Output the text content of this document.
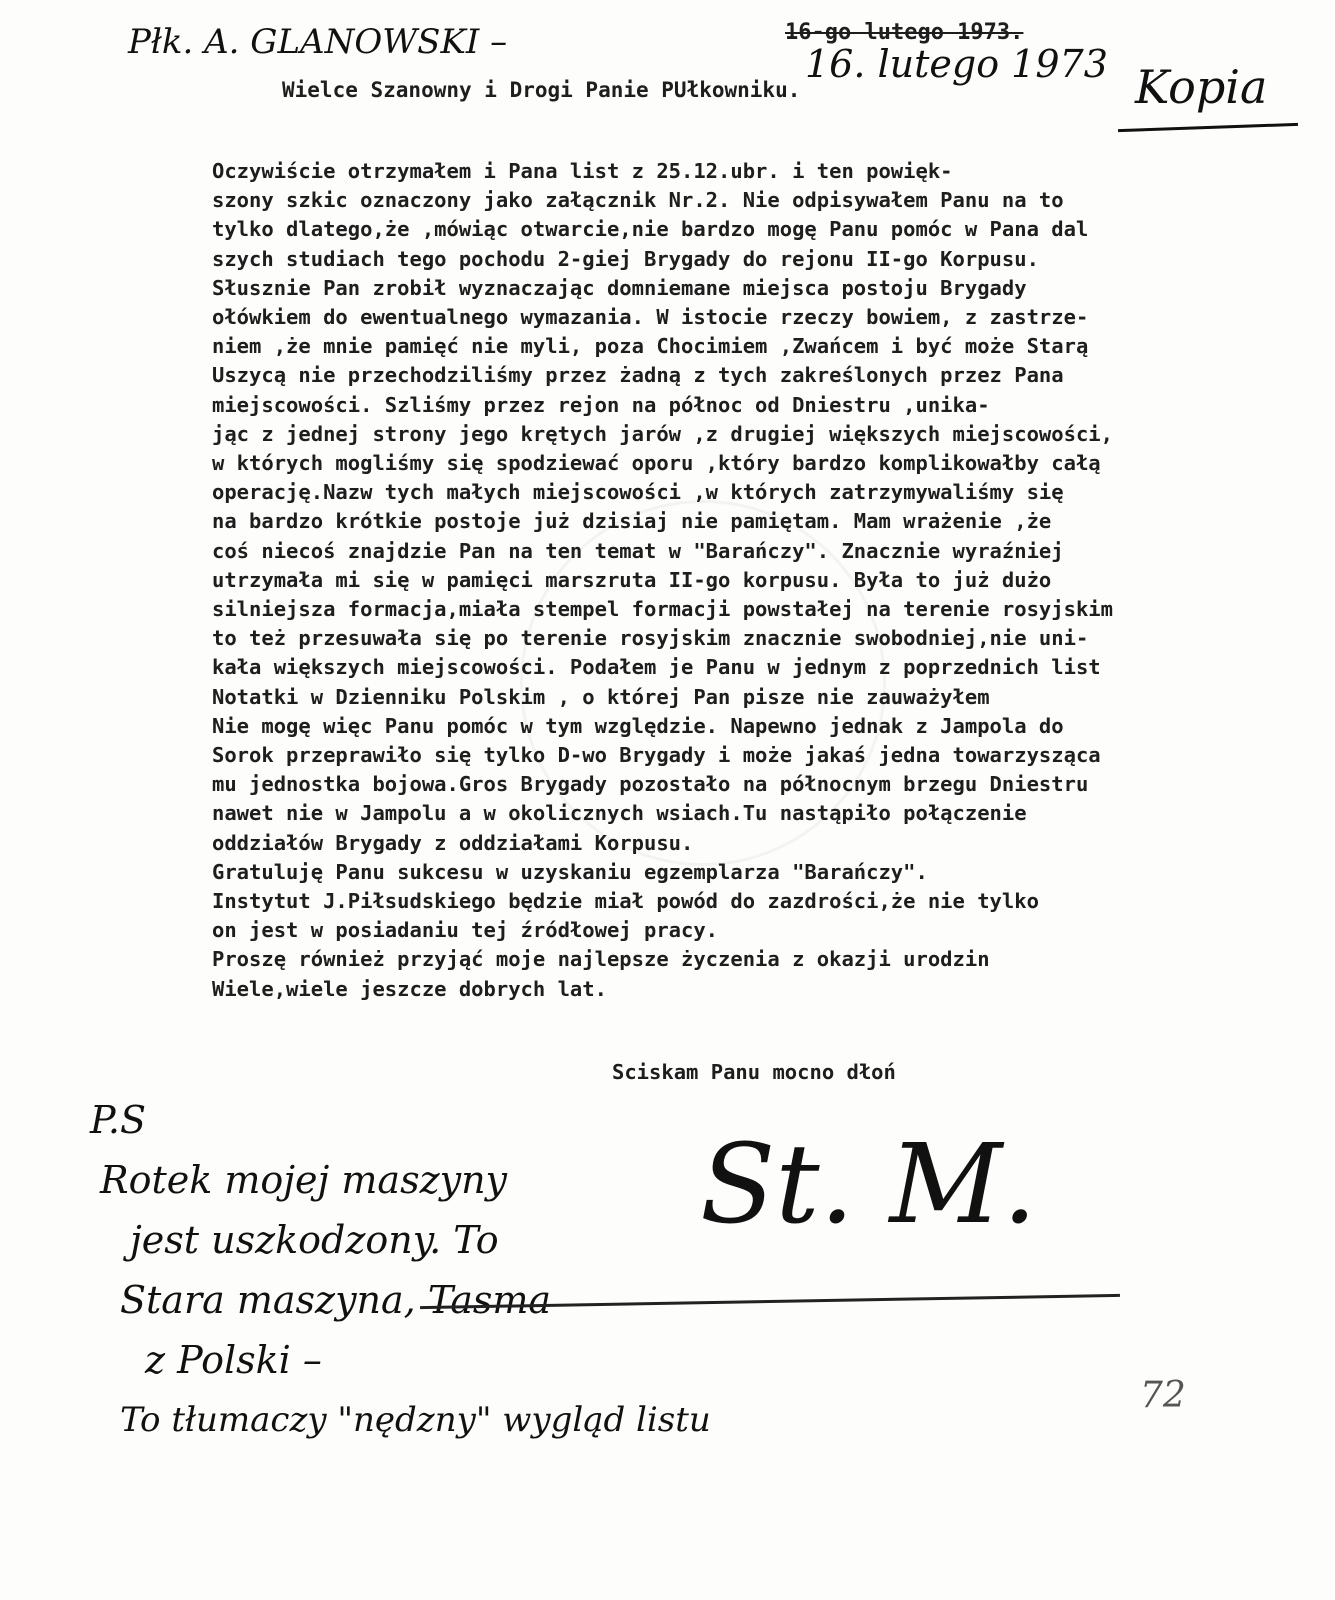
Płk. A. GLANOWSKI –	16-go lutego 1973.
16. lutego 1973 Kopia
Wielce Szanowny i Drogi Panie PUłkowniku.
Oczywiście otrzymałem i Pana list z 25.12.ubr. i ten powięk-
szony szkic oznaczony jako załącznik Nr.2. Nie odpisywałem Panu na to
tylko dlatego,że ,mówiąc otwarcie,nie bardzo mogę Panu pomóc w Pana dal
szych studiach tego pochodu 2-giej Brygady do rejonu II-go Korpusu.
Słusznie Pan zrobił wyznaczając domniemane miejsca postoju Brygady
ołówkiem do ewentualnego wymazania. W istocie rzeczy bowiem, z zastrze-
niem ,że mnie pamięć nie myli, poza Chocimiem ,Zwańcem i być może Starą
Uszycą nie przechodziliśmy przez żadną z tych zakreślonych przez Pana
miejscowości. Szliśmy przez rejon na północ od Dniestru ,unika-
jąc z jednej strony jego krętych jarów ,z drugiej większych miejscowości,
w których mogliśmy się spodziewać oporu ,który bardzo komplikowałby całą
operację.Nazw tych małych miejscowości ,w których zatrzymywaliśmy się
na bardzo krótkie postoje już dzisiaj nie pamiętam. Mam wrażenie ,że
coś niecoś znajdzie Pan na ten temat w "Barańczy". Znacznie wyraźniej
utrzymała mi się w pamięci marszruta II-go korpusu. Była to już dużo
silniejsza formacja,miała stempel formacji powstałej na terenie rosyjskim
to też przesuwała się po terenie rosyjskim znacznie swobodniej,nie uni-
kała większych miejscowości. Podałem je Panu w jednym z poprzednich list
Notatki w Dzienniku Polskim , o której Pan pisze nie zauważyłem
Nie mogę więc Panu pomóc w tym względzie. Napewno jednak z Jampola do
Sorok przeprawiło się tylko D-wo Brygady i może jakaś jedna towarzysząca
mu jednostka bojowa.Gros Brygady pozostało na północnym brzegu Dniestru
nawet nie w Jampolu a w okolicznych wsiach.Tu nastąpiło połączenie
oddziałów Brygady z oddziałami Korpusu.
Gratuluję Panu sukcesu w uzyskaniu egzemplarza "Barańczy".
Instytut J.Piłsudskiego będzie miał powód do zazdrości,że nie tylko
on jest w posiadaniu tej źródłowej pracy.
Proszę również przyjąć moje najlepsze życzenia z okazji urodzin
Wiele,wiele jeszcze dobrych lat.
Sciskam Panu mocno dłoń
P.S
Rotek mojej maszyny
jest uszkodzony. To
Stara maszyna, Tasma
z Polski –
To tłumaczy "nędzny" wygląd listu
St. M.
72
